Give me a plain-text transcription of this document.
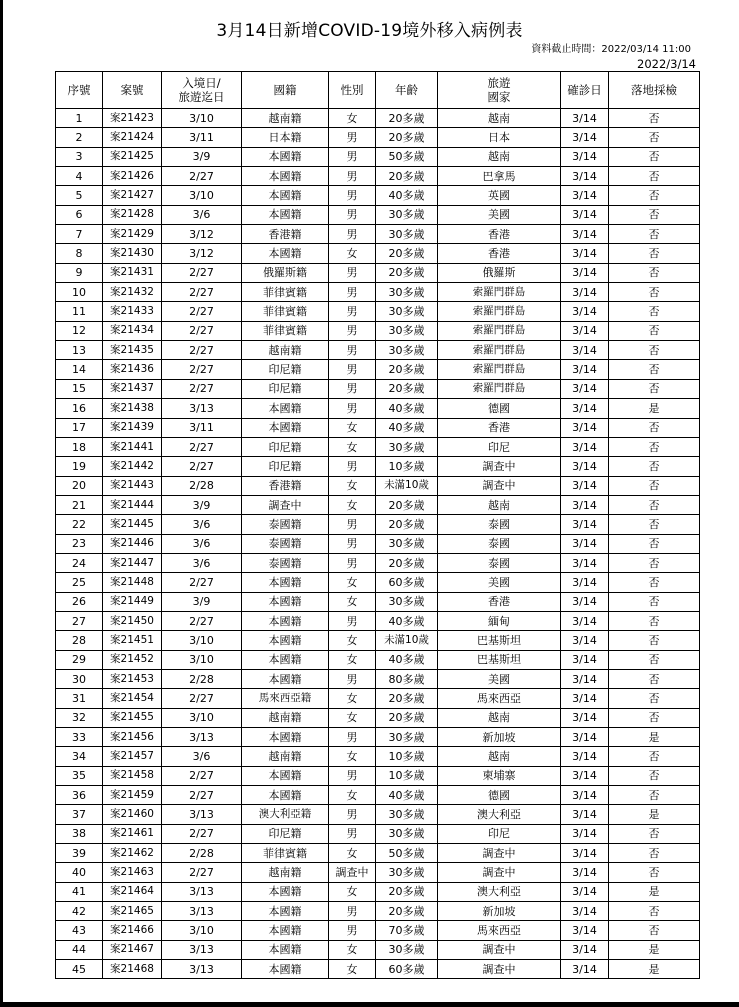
3月14日新增COVID-19境外移入病例表
資料截止時間：2022/03/14 11:00
2022/3/14
序號	案號	入境日/
旅遊迄日	國籍	性別	年齡	旅遊
國家	確診日	落地採檢
1	案21423	3/10	越南籍	女	20多歲	越南	3/14	否
2	案21424	3/11	日本籍	男	20多歲	日本	3/14	否
3	案21425	3/9	本國籍	男	50多歲	越南	3/14	否
4	案21426	2/27	本國籍	男	20多歲	巴拿馬	3/14	否
5	案21427	3/10	本國籍	男	40多歲	英國	3/14	否
6	案21428	3/6	本國籍	男	30多歲	美國	3/14	否
7	案21429	3/12	香港籍	男	30多歲	香港	3/14	否
8	案21430	3/12	本國籍	女	20多歲	香港	3/14	否
9	案21431	2/27	俄羅斯籍	男	20多歲	俄羅斯	3/14	否
10	案21432	2/27	菲律賓籍	男	30多歲	索羅門群島	3/14	否
11	案21433	2/27	菲律賓籍	男	30多歲	索羅門群島	3/14	否
12	案21434	2/27	菲律賓籍	男	30多歲	索羅門群島	3/14	否
13	案21435	2/27	越南籍	男	30多歲	索羅門群島	3/14	否
14	案21436	2/27	印尼籍	男	20多歲	索羅門群島	3/14	否
15	案21437	2/27	印尼籍	男	20多歲	索羅門群島	3/14	否
16	案21438	3/13	本國籍	男	40多歲	德國	3/14	是
17	案21439	3/11	本國籍	女	40多歲	香港	3/14	否
18	案21441	2/27	印尼籍	女	30多歲	印尼	3/14	否
19	案21442	2/27	印尼籍	男	10多歲	調查中	3/14	否
20	案21443	2/28	香港籍	女	未滿10歲	調查中	3/14	否
21	案21444	3/9	調查中	女	20多歲	越南	3/14	否
22	案21445	3/6	泰國籍	男	20多歲	泰國	3/14	否
23	案21446	3/6	泰國籍	男	30多歲	泰國	3/14	否
24	案21447	3/6	泰國籍	男	20多歲	泰國	3/14	否
25	案21448	2/27	本國籍	女	60多歲	美國	3/14	否
26	案21449	3/9	本國籍	女	30多歲	香港	3/14	否
27	案21450	2/27	本國籍	男	40多歲	緬甸	3/14	否
28	案21451	3/10	本國籍	女	未滿10歲	巴基斯坦	3/14	否
29	案21452	3/10	本國籍	女	40多歲	巴基斯坦	3/14	否
30	案21453	2/28	本國籍	男	80多歲	美國	3/14	否
31	案21454	2/27	馬來西亞籍	女	20多歲	馬來西亞	3/14	否
32	案21455	3/10	越南籍	女	20多歲	越南	3/14	否
33	案21456	3/13	本國籍	男	30多歲	新加坡	3/14	是
34	案21457	3/6	越南籍	女	10多歲	越南	3/14	否
35	案21458	2/27	本國籍	男	10多歲	柬埔寨	3/14	否
36	案21459	2/27	本國籍	女	40多歲	德國	3/14	否
37	案21460	3/13	澳大利亞籍	男	30多歲	澳大利亞	3/14	是
38	案21461	2/27	印尼籍	男	30多歲	印尼	3/14	否
39	案21462	2/28	菲律賓籍	女	50多歲	調查中	3/14	否
40	案21463	2/27	越南籍	調查中	30多歲	調查中	3/14	否
41	案21464	3/13	本國籍	女	20多歲	澳大利亞	3/14	是
42	案21465	3/13	本國籍	男	20多歲	新加坡	3/14	否
43	案21466	3/10	本國籍	男	70多歲	馬來西亞	3/14	否
44	案21467	3/13	本國籍	女	30多歲	調查中	3/14	是
45	案21468	3/13	本國籍	女	60多歲	調查中	3/14	是
